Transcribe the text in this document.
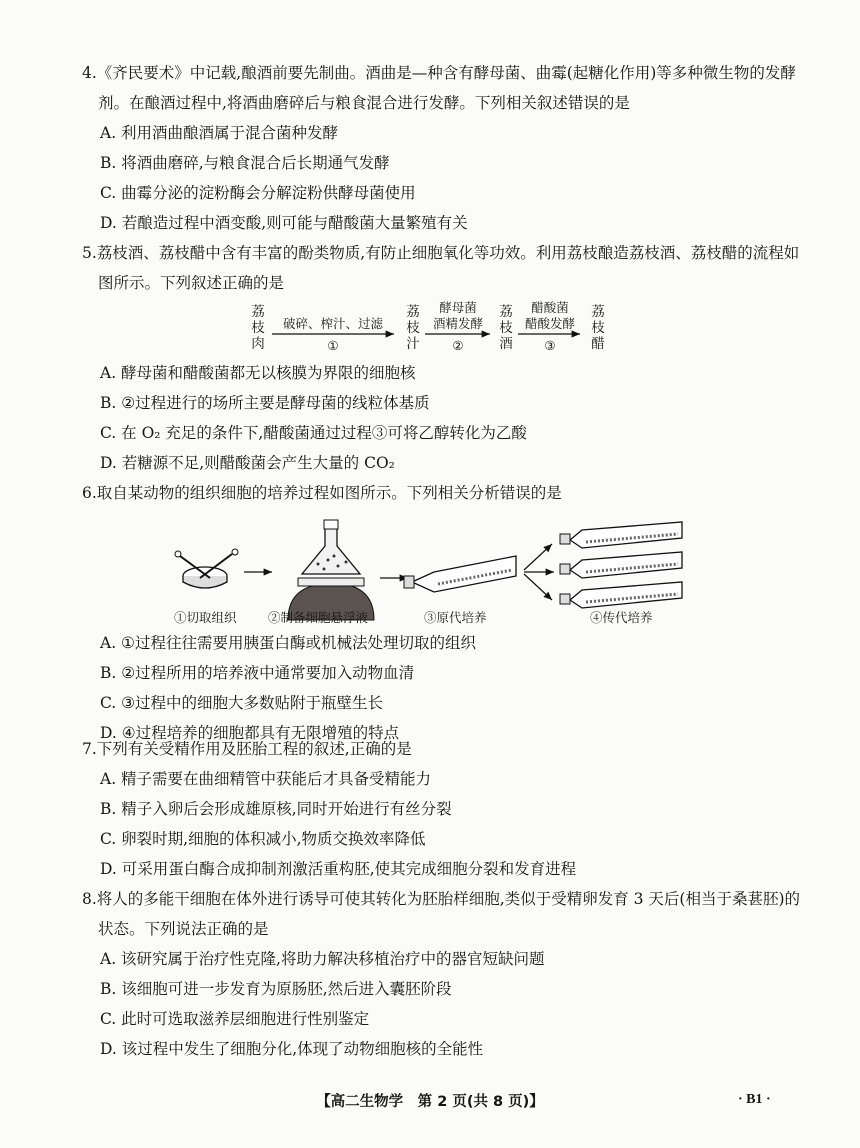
4.《齐民要术》中记载,酿酒前要先制曲。酒曲是—种含有酵母菌、曲霉(起糖化作用)等多种微生物的发酵剂。在酿酒过程中,将酒曲磨碎后与粮食混合进行发酵。下列相关叙述错误的是

A. 利用酒曲酿酒属于混合菌种发酵

B. 将酒曲磨碎,与粮食混合后长期通气发酵

C. 曲霉分泌的淀粉酶会分解淀粉供酵母菌使用

D. 若酿造过程中酒变酸,则可能与醋酸菌大量繁殖有关

5.荔枝酒、荔枝醋中含有丰富的酚类物质,有防止细胞氧化等功效。利用荔枝酿造荔枝酒、荔枝醋的流程如图所示。下列叙述正确的是

荔枝肉
破碎、榨汁、过滤
①
荔枝汁
酵母菌
酒精发酵
②
荔枝酒
醋酸菌
醋酸发酵
③
荔枝醋

A. 酵母菌和醋酸菌都无以核膜为界限的细胞核

B. ②过程进行的场所主要是酵母菌的线粒体基质

C. 在 O₂ 充足的条件下,醋酸菌通过过程③可将乙醇转化为乙酸

D. 若糖源不足,则醋酸菌会产生大量的 CO₂

6.取自某动物的组织细胞的培养过程如图所示。下列相关分析错误的是

①切取组织	②制备细胞悬浮液	③原代培养	④传代培养

A. ①过程往往需要用胰蛋白酶或机械法处理切取的组织

B. ②过程所用的培养液中通常要加入动物血清

C. ③过程中的细胞大多数贴附于瓶壁生长

D. ④过程培养的细胞都具有无限增殖的特点

7.下列有关受精作用及胚胎工程的叙述,正确的是

A. 精子需要在曲细精管中获能后才具备受精能力

B. 精子入卵后会形成雄原核,同时开始进行有丝分裂

C. 卵裂时期,细胞的体积减小,物质交换效率降低

D. 可采用蛋白酶合成抑制剂激活重构胚,使其完成细胞分裂和发育进程

8.将人的多能干细胞在体外进行诱导可使其转化为胚胎样细胞,类似于受精卵发育 3 天后(相当于桑葚胚)的状态。下列说法正确的是

A. 该研究属于治疗性克隆,将助力解决移植治疗中的器官短缺问题

B. 该细胞可进一步发育为原肠胚,然后进入囊胚阶段

C. 此时可选取滋养层细胞进行性别鉴定

D. 该过程中发生了细胞分化,体现了动物细胞核的全能性

【高二生物学　第 2 页(共 8 页)】	· B1 ·
